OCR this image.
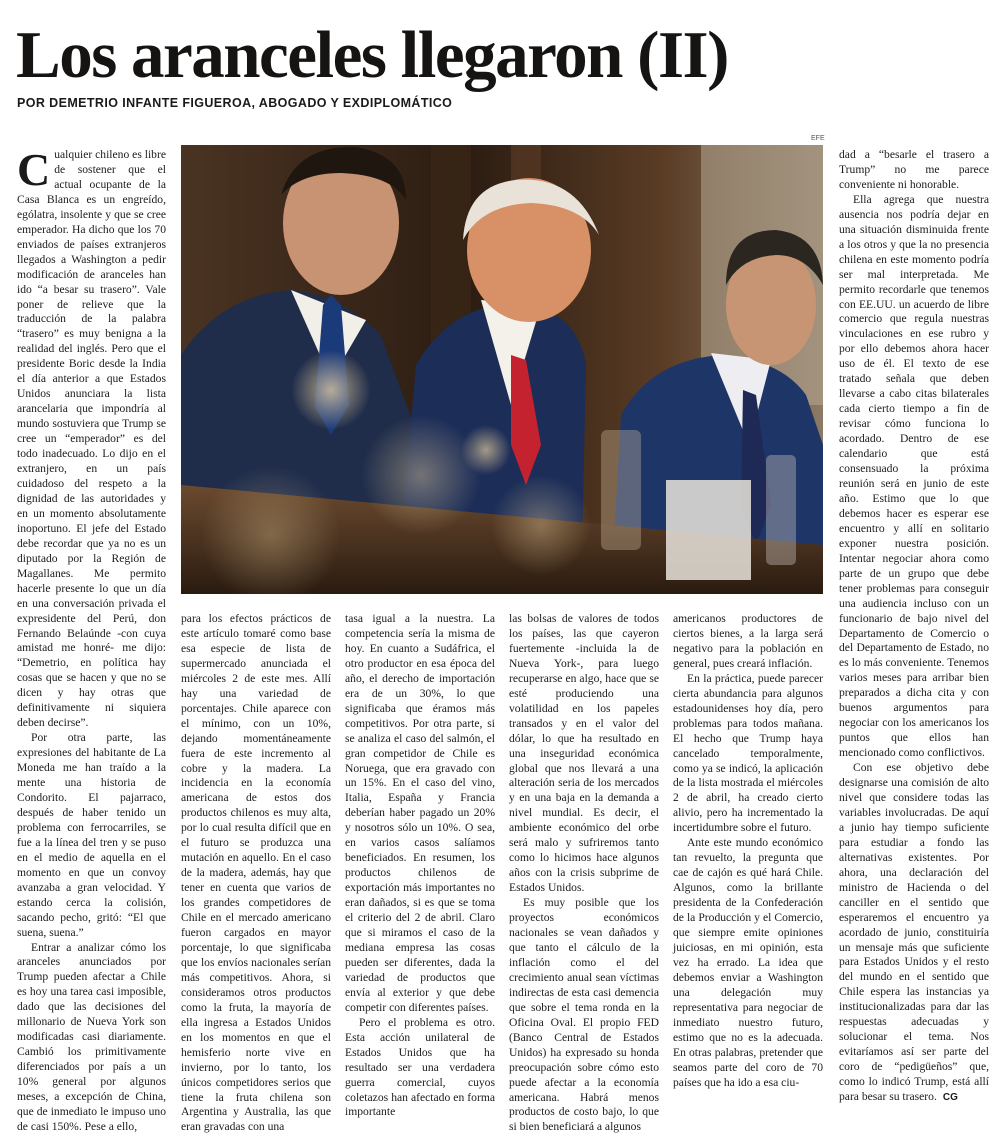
Los aranceles llegaron (II)
POR DEMETRIO INFANTE FIGUEROA, ABOGADO Y EXDIPLOMÁTICO

Cualquier chileno es libre de sostener que el actual ocupante de la Casa Blanca es un engreído, ególatra, insolente y que se cree emperador. Ha dicho que los 70 enviados de países extranjeros llegados a Washington a pedir modificación de aranceles han ido “a besar su trasero”. Vale poner de relieve que la traducción de la palabra “trasero” es muy benigna a la realidad del inglés. Pero que el presidente Boric desde la India el día anterior a que Estados Unidos anunciara la lista arancelaria que impondría al mundo sostuviera que Trump se cree un “emperador” es del todo inadecuado. Lo dijo en el extranjero, en un país cuidadoso del respeto a la dignidad de las autoridades y en un momento absolutamente inoportuno. El jefe del Estado debe recordar que ya no es un diputado por la Región de Magallanes. Me permito hacerle presente lo que un día en una conversación privada el expresidente del Perú, don Fernando Belaúnde -con cuya amistad me honré- me dijo: “Demetrio, en política hay cosas que se hacen y que no se dicen y hay otras que definitivamente ni siquiera deben decirse”.

Por otra parte, las expresiones del habitante de La Moneda me han traído a la mente una historia de Condorito. El pajarraco, después de haber tenido un problema con ferrocarriles, se fue a la línea del tren y se puso en el medio de aquella en el momento en que un convoy avanzaba a gran velocidad. Y estando cerca la colisión, sacando pecho, gritó: “El que suena, suena.”

Entrar a analizar cómo los aranceles anunciados por Trump pueden afectar a Chile es hoy una tarea casi imposible, dado que las decisiones del millonario de Nueva York son modificadas casi diariamente. Cambió los primitivamente diferenciados por país a un 10% general por algunos meses, a excepción de China, que de inmediato le impuso uno de casi 150%. Pese a ello,

EFE

para los efectos prácticos de este artículo tomaré como base esa especie de lista de supermercado anunciada el miércoles 2 de este mes. Allí hay una variedad de porcentajes. Chile aparece con el mínimo, con un 10%, dejando momentáneamente fuera de este incremento al cobre y la madera. La incidencia en la economía americana de estos dos productos chilenos es muy alta, por lo cual resulta difícil que en el futuro se produzca una mutación en aquello. En el caso de la madera, además, hay que tener en cuenta que varios de los grandes competidores de Chile en el mercado americano fueron cargados en mayor porcentaje, lo que significaba que los envíos nacionales serían más competitivos. Ahora, si consideramos otros productos como la fruta, la mayoría de ella ingresa a Estados Unidos en los momentos en que el hemisferio norte vive en invierno, por lo tanto, los únicos competidores serios que tiene la fruta chilena son Argentina y Australia, las que eran gravadas con una

tasa igual a la nuestra. La competencia sería la misma de hoy. En cuanto a Sudáfrica, el otro productor en esa época del año, el derecho de importación era de un 30%, lo que significaba que éramos más competitivos. Por otra parte, si se analiza el caso del salmón, el gran competidor de Chile es Noruega, que era gravado con un 15%. En el caso del vino, Italia, España y Francia deberían haber pagado un 20% y nosotros sólo un 10%. O sea, en varios casos salíamos beneficiados. En resumen, los productos chilenos de exportación más importantes no eran dañados, si es que se toma el criterio del 2 de abril. Claro que si miramos el caso de la mediana empresa las cosas pueden ser diferentes, dada la variedad de productos que envía al exterior y que debe competir con diferentes países.

Pero el problema es otro. Esta acción unilateral de Estados Unidos que ha resultado ser una verdadera guerra comercial, cuyos coletazos han afectado en forma importante

las bolsas de valores de todos los países, las que cayeron fuertemente -incluida la de Nueva York-, para luego recuperarse en algo, hace que se esté produciendo una volatilidad en los papeles transados y en el valor del dólar, lo que ha resultado en una inseguridad económica global que nos llevará a una alteración seria de los mercados y en una baja en la demanda a nivel mundial. Es decir, el ambiente económico del orbe será malo y sufriremos tanto como lo hicimos hace algunos años con la crisis subprime de Estados Unidos.

Es muy posible que los proyectos económicos nacionales se vean dañados y que tanto el cálculo de la inflación como el del crecimiento anual sean víctimas indirectas de esta casi demencia que sobre el tema ronda en la Oficina Oval. El propio FED (Banco Central de Estados Unidos) ha expresado su honda preocupación sobre cómo esto puede afectar a la economía americana. Habrá menos productos de costo bajo, lo que si bien beneficiará a algunos

americanos productores de ciertos bienes, a la larga será negativo para la población en general, pues creará inflación.

En la práctica, puede parecer cierta abundancia para algunos estadounidenses hoy día, pero problemas para todos mañana. El hecho que Trump haya cancelado temporalmente, como ya se indicó, la aplicación de la lista mostrada el miércoles 2 de abril, ha creado cierto alivio, pero ha incrementado la incertidumbre sobre el futuro.

Ante este mundo económico tan revuelto, la pregunta que cae de cajón es qué hará Chile. Algunos, como la brillante presidenta de la Confederación de la Producción y el Comercio, que siempre emite opiniones juiciosas, en mi opinión, esta vez ha errado. La idea que debemos enviar a Washington una delegación muy representativa para negociar de inmediato nuestro futuro, estimo que no es la adecuada. En otras palabras, pretender que seamos parte del coro de 70 países que ha ido a esa ciu-

dad a “besarle el trasero a Trump” no me parece conveniente ni honorable.

Ella agrega que nuestra ausencia nos podría dejar en una situación disminuida frente a los otros y que la no presencia chilena en este momento podría ser mal interpretada. Me permito recordarle que tenemos con EE.UU. un acuerdo de libre comercio que regula nuestras vinculaciones en ese rubro y por ello debemos ahora hacer uso de él. El texto de ese tratado señala que deben llevarse a cabo citas bilaterales cada cierto tiempo a fin de revisar cómo funciona lo acordado. Dentro de ese calendario que está consensuado la próxima reunión será en junio de este año. Estimo que lo que debemos hacer es esperar ese encuentro y allí en solitario exponer nuestra posición. Intentar negociar ahora como parte de un grupo que debe tener problemas para conseguir una audiencia incluso con un funcionario de bajo nivel del Departamento de Comercio o del Departamento de Estado, no es lo más conveniente. Tenemos varios meses para arribar bien preparados a dicha cita y con buenos argumentos para negociar con los americanos los puntos que ellos han mencionado como conflictivos.

Con ese objetivo debe designarse una comisión de alto nivel que considere todas las variables involucradas. De aquí a junio hay tiempo suficiente para estudiar a fondo las alternativas existentes. Por ahora, una declaración del ministro de Hacienda o del canciller en el sentido que esperaremos el encuentro ya acordado de junio, constituiría un mensaje más que suficiente para Estados Unidos y el resto del mundo en el sentido que Chile espera las instancias ya institucionalizadas para dar las respuestas adecuadas y solucionar el tema. Nos evitaríamos así ser parte del coro de “pedigüeños” que, como lo indicó Trump, está allí para besar su trasero. CG
